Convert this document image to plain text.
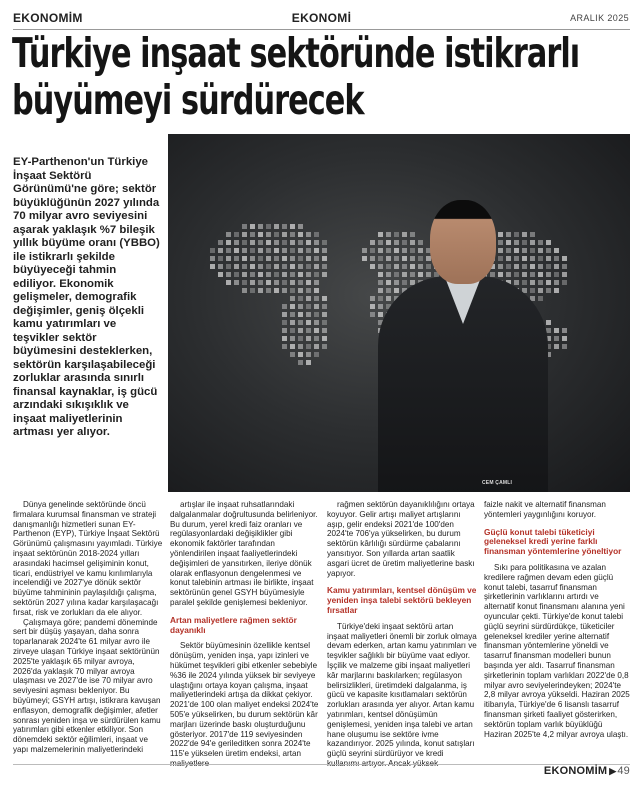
EKONOMİM	EKONOMİ	ARALIK 2025
Türkiye inşaat sektöründe istikrarlı
büyümeyi sürdürecek
CEM ÇAMLI

EY-Parthenon'un Türkiye İnşaat Sektörü Görünümü'ne göre; sektör büyüklüğünün 2027 yılında 70 milyar avro seviyesini aşarak yaklaşık %7 bileşik yıllık büyüme oranı (YBBO) ile istikrarlı şekilde büyüyeceği tahmin ediliyor. Ekonomik gelişmeler, demografik değişimler, geniş ölçekli kamu yatırımları ve teşvikler sektör büyümesini desteklerken, sektörün karşılaşabileceği zorluklar arasında sınırlı finansal kaynaklar, iş gücü arzındaki sıkışıklık ve inşaat maliyetlerinin artması yer alıyor.

Dünya genelinde sektöründe öncü firmalara kurumsal finansman ve strateji danışmanlığı hizmetleri sunan EY-Parthenon (EYP), Türkiye İnşaat Sektörü Görünümü çalışmasını yayımladı. Türkiye inşaat sektörünün 2018-2024 yılları arasındaki hacimsel gelişiminin konut, ticari, endüstriyel ve kamu kırılımlarıyla incelendiği ve 2027'ye dönük sektör büyüme tahmininin paylaşıldığı çalışma, sektörün 2027 yılına kadar karşılaşacağı fırsat, risk ve zorlukları da ele alıyor.

Çalışmaya göre; pandemi döneminde sert bir düşüş yaşayan, daha sonra toparlanarak 2024'te 61 milyar avro ile zirveye ulaşan Türkiye inşaat sektörünün 2025'te yaklaşık 65 milyar avroya, 2026'da yaklaşık 70 milyar avroya ulaşması ve 2027'de ise 70 milyar avro seviyesini aşması bekleniyor. Bu büyümeyi; GSYH artışı, istikrara kavuşan enflasyon, demografik değişimler, afetler sonrası yeniden inşa ve sürdürülen kamu yatırımları gibi etkenler etkiliyor. Son dönemdeki sektör eğilimleri, inşaat ve yapı malzemelerinin maliyetlerindeki

artışlar ile inşaat ruhsatlarındaki dalgalanmalar doğrultusunda belirleniyor. Bu durum, yerel kredi faiz oranları ve regülasyonlardaki değişiklikler gibi ekonomik faktörler tarafından yönlendirilen inşaat faaliyetlerindeki değişimleri de yansıtırken, ileriye dönük olarak enflasyonun dengelenmesi ve konut talebinin artması ile birlikte, inşaat sektörünün genel GSYH büyümesiyle paralel şekilde genişlemesi bekleniyor.

Artan maliyetlere rağmen sektör dayanıklı

Sektör büyümesinin özellikle kentsel dönüşüm, yeniden inşa, yapı izinleri ve hükümet teşvikleri gibi etkenler sebebiyle %36 ile 2024 yılında yüksek bir seviyeye ulaştığını ortaya koyan çalışma, inşaat maliyetlerindeki artışa da dikkat çekiyor. 2021'de 100 olan maliyet endeksi 2024'te 505'e yükselirken, bu durum sektörün kâr marjları üzerinde baskı oluşturduğunu gösteriyor. 2017'de 119 seviyesinden 2022'de 94'e gerileditken sonra 2024'te 115'e yükselen üretim endeksi, artan maliyetlere

rağmen sektörün dayanıklılığını ortaya koyuyor. Gelir artışı maliyet artışlarını aşıp, gelir endeksi 2021'de 100'den 2024'te 706'ya yükselirken, bu durum sektörün kârlılığı sürdürme çabalarını yansıtıyor. Son yıllarda artan saatlik asgari ücret de üretim maliyetlerine baskı yapıyor.

Kamu yatırımları, kentsel dönüşüm ve yeniden inşa talebi sektörü bekleyen fırsatlar

Türkiye'deki inşaat sektörü artan inşaat maliyetleri önemli bir zorluk olmaya devam ederken, artan kamu yatırımları ve teşvikler sağlıklı bir büyüme vaat ediyor. İşçilik ve malzeme gibi inşaat maliyetleri kâr marjlarını baskılarken; regülasyon belirsizlikleri, üretimdeki dalgalanma, iş gücü ve kapasite kısıtlamaları sektörün zorlukları arasında yer alıyor. Artan kamu yatırımları, kentsel dönüşümün genişlemesi, yeniden inşa talebi ve artan hane oluşumu ise sektöre ivme kazandırıyor. 2025 yılında, konut satışları güçlü seyrini sürdürüyor ve kredi kullanımı artıyor. Ancak yüksek

faizle nakit ve alternatif finansman yöntemleri yaygınlığını koruyor.

Güçlü konut talebi tüketiciyi geleneksel kredi yerine farklı finansman yöntemlerine yöneltiyor

Sıkı para politikasına ve azalan kredilere rağmen devam eden güçlü konut talebi, tasarruf finansman şirketlerinin varlıklarını artırdı ve alternatif konut finansmanı alanına yeni oyuncular çekti. Türkiye'de konut talebi güçlü seyrini sürdürdükçe, tüketiciler geleneksel krediler yerine alternatif finansman yöntemlerine yöneldi ve tasarruf finansman modelleri bunun başında yer aldı. Tasarruf finansman şirketlerinin toplam varlıkları 2022'de 0,8 milyar avro seviyelerindeyken; 2024'te 2,8 milyar avroya yükseldi. Haziran 2025 itibarıyla, Türkiye'de 6 lisanslı tasarruf finansman şirketi faaliyet gösterirken, sektörün toplam varlık büyüklüğü Haziran 2025'te 4,2 milyar avroya ulaştı.

EKONOMİM ▶49
